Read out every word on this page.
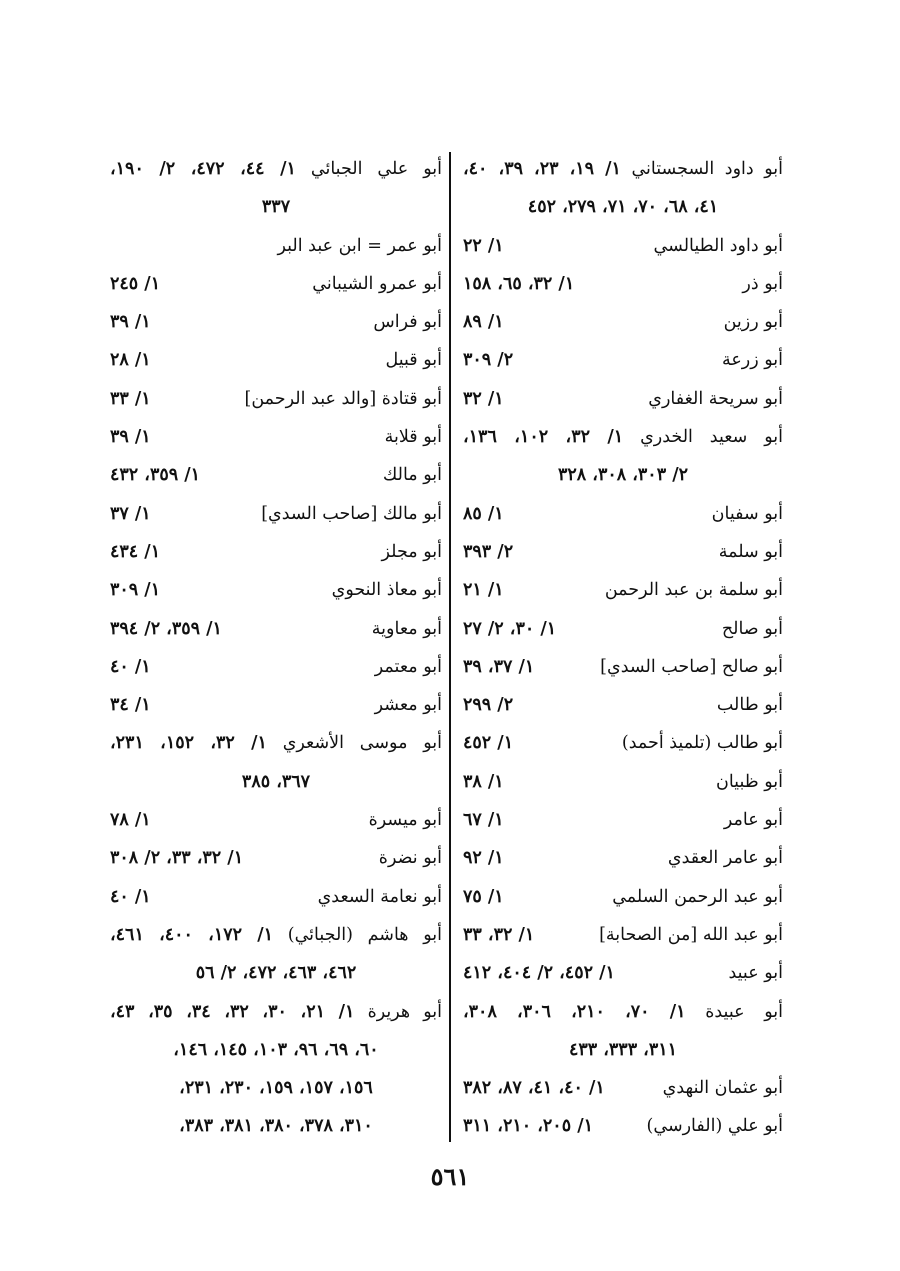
أبو داود السجستاني ١/ ١٩، ٢٣، ٣٩، ٤٠،
٤١، ٦٨، ٧٠، ٧١، ٢٧٩، ٤٥٢
أبو داود الطيالسي
١/ ٢٢
أبو ذر
١/ ٣٢، ٦٥، ١٥٨
أبو رزين
١/ ٨٩
أبو زرعة
٢/ ٣٠٩
أبو سريحة الغفاري
١/ ٣٢
أبو سعيد الخدري ١/ ٣٢، ١٠٢، ١٣٦،
٢/ ٣٠٣، ٣٠٨، ٣٢٨
أبو سفيان
١/ ٨٥
أبو سلمة
٢/ ٣٩٣
أبو سلمة بن عبد الرحمن
١/ ٢١
أبو صالح
١/ ٣٠، ٢/ ٢٧
أبو صالح [صاحب السدي]
١/ ٣٧، ٣٩
أبو طالب
٢/ ٢٩٩
أبو طالب (تلميذ أحمد)
١/ ٤٥٢
أبو ظبيان
١/ ٣٨
أبو عامر
١/ ٦٧
أبو عامر العقدي
١/ ٩٢
أبو عبد الرحمن السلمي
١/ ٧٥
أبو عبد الله [من الصحابة]
١/ ٣٢، ٣٣
أبو عبيد
١/ ٤٥٢، ٢/ ٤٠٤، ٤١٢
أبو عبيدة ١/ ٧٠، ٢١٠، ٣٠٦، ٣٠٨،
٣١١، ٣٣٣، ٤٣٣
أبو عثمان النهدي
١/ ٤٠، ٤١، ٨٧، ٣٨٢
أبو علي (الفارسي)
١/ ٢٠٥، ٢١٠، ٣١١
أبو علي الجبائي ١/ ٤٤، ٤٧٢، ٢/ ١٩٠،
٣٣٧
أبو عمر = ابن عبد البر
أبو عمرو الشيباني
١/ ٢٤٥
أبو فراس
١/ ٣٩
أبو قبيل
١/ ٢٨
أبو قتادة [والد عبد الرحمن]
١/ ٣٣
أبو قلابة
١/ ٣٩
أبو مالك
١/ ٣٥٩، ٤٣٢
أبو مالك [صاحب السدي]
١/ ٣٧
أبو مجلز
١/ ٤٣٤
أبو معاذ النحوي
١/ ٣٠٩
أبو معاوية
١/ ٣٥٩، ٢/ ٣٩٤
أبو معتمر
١/ ٤٠
أبو معشر
١/ ٣٤
أبو موسى الأشعري ١/ ٣٢، ١٥٢، ٢٣١،
٣٦٧، ٣٨٥
أبو ميسرة
١/ ٧٨
أبو نضرة
١/ ٣٢، ٣٣، ٢/ ٣٠٨
أبو نعامة السعدي
١/ ٤٠
أبو هاشم (الجبائي) ١/ ١٧٢، ٤٠٠، ٤٦١،
٤٦٢، ٤٦٣، ٤٧٢، ٢/ ٥٦
أبو هريرة ١/ ٢١، ٣٠، ٣٢، ٣٤، ٣٥، ٤٣،
٦٠، ٦٩، ٩٦، ١٠٣، ١٤٥، ١٤٦،
١٥٦، ١٥٧، ١٥٩، ٢٣٠، ٢٣١،
٣١٠، ٣٧٨، ٣٨٠، ٣٨١، ٣٨٣،
٥٦١
